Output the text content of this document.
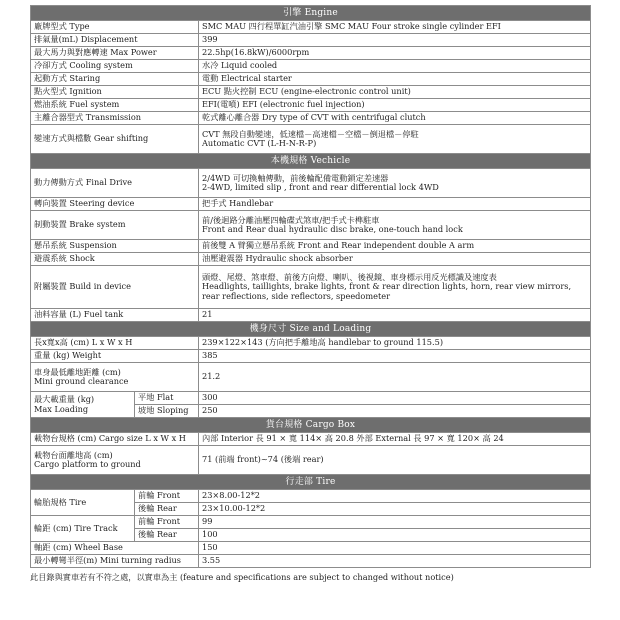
引擎 Engine		
廠牌型式 Type		SMC MAU 四行程單缸汽油引擎 SMC MAU Four stroke single cylinder EFI
排氣量(mL) Displacement		399
最大馬力與對應轉速 Max Power		22.5hp(16.8kW)/6000rpm
冷卻方式 Cooling system		水冷 Liquid cooled
起動方式 Staring		電動 Electrical starter
點火型式 Ignition		ECU 點火控制 ECU (engine-electronic control unit)
燃油系統 Fuel system		EFI(電噴) EFI (electronic fuel injection)
主離合器型式 Transmission		乾式離心離合器 Dry type of CVT with centrifugal clutch
變速方式與檔數 Gear shifting		CVT 無段自動變速，低速檔－高速檔－空檔－倒退檔－停駐
Automatic CVT (L-H-N-R-P)

本機規格 Vechicle		
動力傳動方式 Final Drive		2/4WD 可切換軸傳動，前後輪配備電動鎖定差速器
2-4WD, limited slip , front and rear differential lock 4WD

轉向裝置 Steering device		把手式 Handlebar
制動裝置 Brake system		前/後迴路分離油壓四輪碟式煞車/把手式卡榫駐車
Front and Rear dual hydraulic disc brake, one-touch hand lock

懸吊系統 Suspension		前後雙 A 臂獨立懸吊系統 Front and Rear independent double A arm
避震系統 Shock		油壓避震器 Hydraulic shock absorber
附屬裝置 Build in device		頭燈、尾燈、煞車燈、前後方向燈、喇叭、後視鏡、車身標示用反光標識及速度表
Headlights, taillights, brake lights, front & rear direction lights, horn, rear view mirrors,
rear reflections, side reflectors, speedometer

油料容量 (L) Fuel tank		21
機身尺寸 Size and Loading		
長x寬x高 (cm) L x W x H		239×122×143 (方向把手離地高 handlebar to ground 115.5)
重量 (kg) Weight		385

車身最低離地距離 (cm)
Mini ground clearance		21.2

最大載重量 (kg)
Max Loading	平地 Flat	300
	坡地 Sloping	250
貨台規格 Cargo Box		
載物台規格 (cm) Cargo size L x W x H		內部 Interior 長 91 × 寬 114× 高 20.8 外部 External 長 97 × 寬 120× 高 24

載物台面離地高 (cm)
Cargo platform to ground		71 (前端 front)~74 (後端 rear)
行走部 Tire		
輪胎規格 Tire	前輪 Front	23×8.00-12*2
	後輪 Rear	23×10.00-12*2
輪距 (cm) Tire Track	前輪 Front	99
	後輪 Rear	100
軸距 (cm) Wheel Base		150
最小轉彎半徑(m) Mini turning radius		3.55
此目錄與實車若有不符之處，以實車為主 (feature and specifications are subject to changed without notice)
